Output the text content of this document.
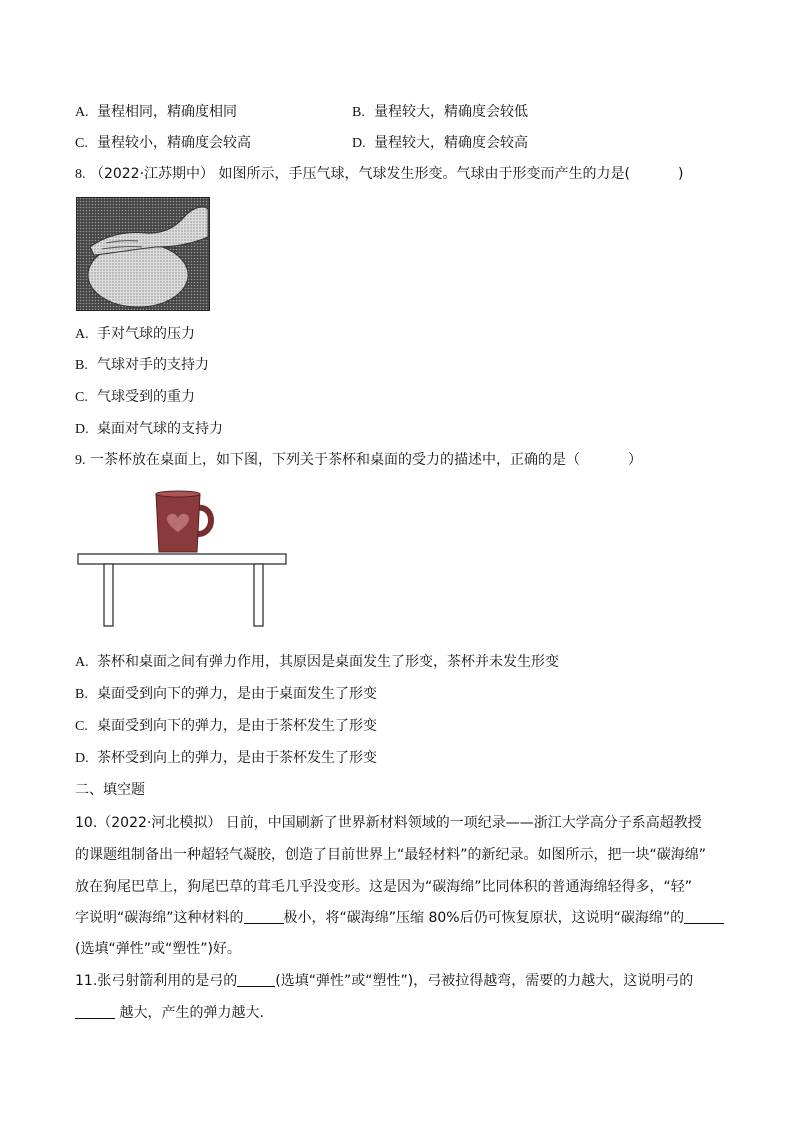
A. 量程相同，精确度相同	B. 量程较大，精确度会较低
C. 量程较小，精确度会较高	D. 量程较大，精确度会较高
8. （2022·江苏期中） 如图所示，手压气球，气球发生形变。气球由于形变而产生的力是(	)
A. 手对气球的压力
B. 气球对手的支持力
C. 气球受到的重力
D. 桌面对气球的支持力
9. 一茶杯放在桌面上，如下图，下列关于茶杯和桌面的受力的描述中，正确的是（	）
A. 茶杯和桌面之间有弹力作用，其原因是桌面发生了形变，茶杯并未发生形变
B. 桌面受到向下的弹力，是由于桌面发生了形变
C. 桌面受到向下的弹力，是由于茶杯发生了形变
D. 茶杯受到向上的弹力，是由于茶杯发生了形变
二、填空题
10.（2022·河北模拟） 日前，中国刷新了世界新材料领域的一项纪录——浙江大学高分子系高超教授
的课题组制备出一种超轻气凝胶，创造了目前世界上“最轻材料”的新纪录。如图所示，把一块“碳海绵”
放在狗尾巴草上，狗尾巴草的茸毛几乎没变形。这是因为“碳海绵”比同体积的普通海绵轻得多，“轻”
字说明“碳海绵”这种材料的	极小，将“碳海绵”压缩 80%后仍可恢复原状，这说明“碳海绵”的
(选填“弹性”或“塑性”)好。
11.张弓射箭利用的是弓的	(选填“弹性”或“塑性”)，弓被拉得越弯，需要的力越大，这说明弓的
越大，产生的弹力越大.
